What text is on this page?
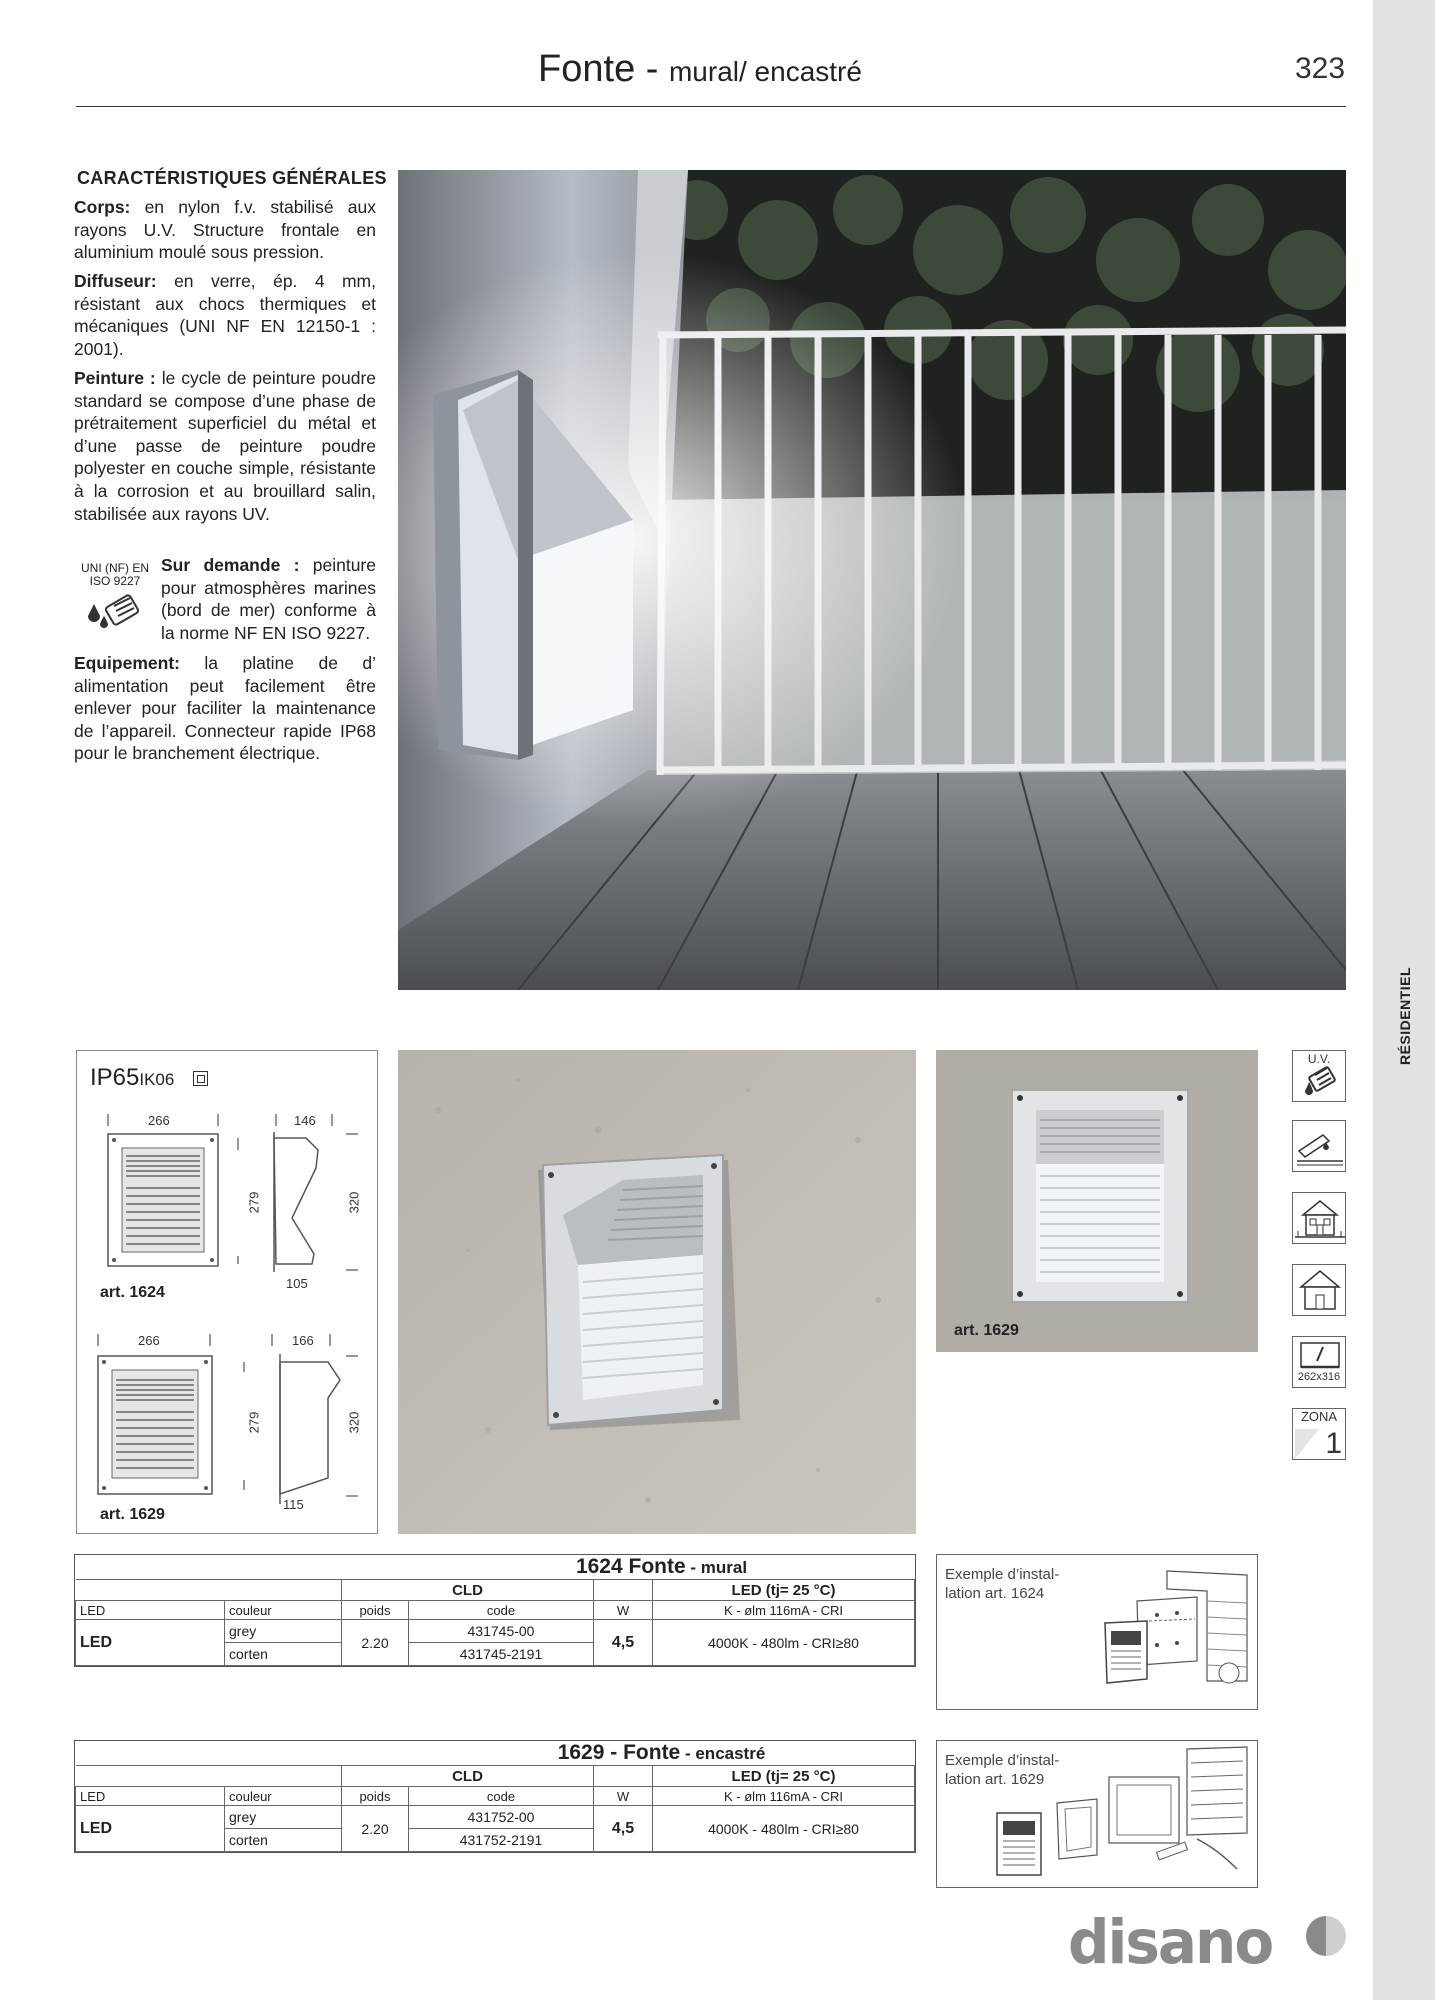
Fonte - mural/ encastré	323
RÉSIDENTIEL
CARACTÉRISTIQUES GÉNÉRALES
Corps: en nylon f.v. stabilisé aux rayons U.V. Structure frontale en aluminium moulé sous pression.
Diffuseur: en verre, ép. 4 mm, résistant aux chocs thermiques et mécaniques (UNI NF EN 12150-1 : 2001).
Peinture : le cycle de peinture poudre standard se compose d’une phase de prétraitement superficiel du métal et d’une passe de peinture poudre polyester en couche simple, résistante à la corrosion et au brouillard salin, stabilisée aux rayons UV.
UNI (NF) EN
ISO 9227
Sur demande : peinture pour atmosphères marines (bord de mer) conforme à la norme NF EN ISO 9227.
Equipement: la platine de d’ alimentation peut facilement être enlever pour faciliter la maintenance de l’appareil. Connecteur rapide IP68 pour le branchement électrique.
IP65IK06
266	146
279	320
105
art. 1624
266	166
279	320
115
art. 1629
art. 1629
U.V.
262x316
ZONA
1
			1624 Fonte - mural		
		CLD			LED (tj= 25 °C)
LED	couleur	poids	code	W	K - ølm 116mA - CRI
LED	grey	2.20	431745-00	4,5	4000K - 480lm - CRI≥80
	corten		431745-2191		
			1629 - Fonte - encastré		
		CLD			LED (tj= 25 °C)
LED	couleur	poids	code	W	K - ølm 116mA - CRI
LED	grey	2.20	431752-00	4,5	4000K - 480lm - CRI≥80
	corten		431752-2191		
Exemple d’instal-lation art. 1624
Exemple d’instal-lation art. 1629
disano
